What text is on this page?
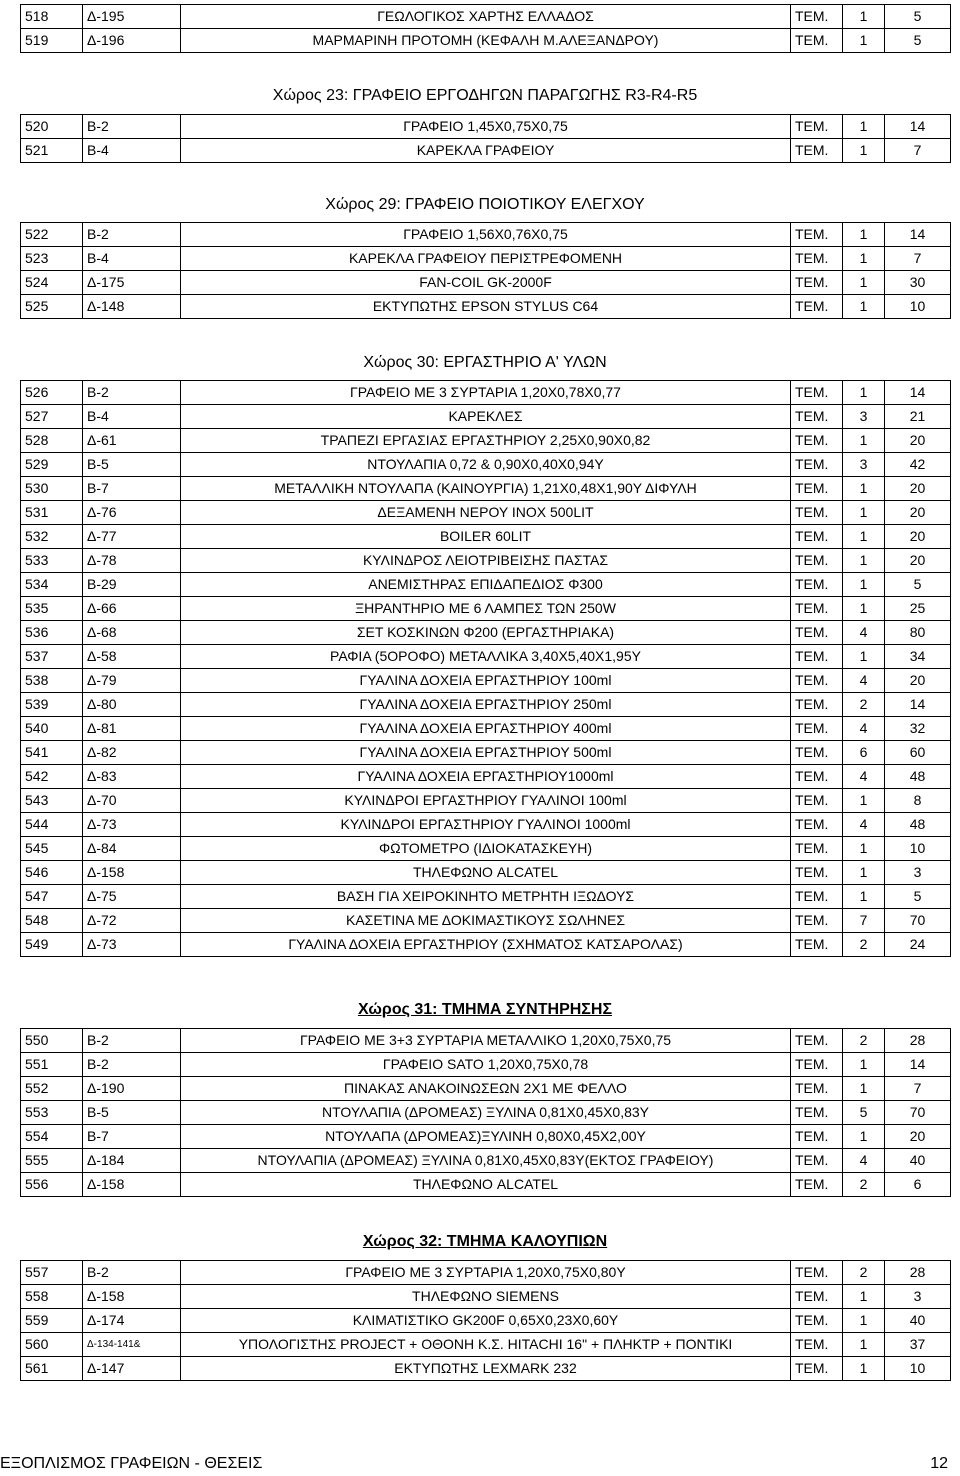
518	Δ-195	ΓΕΩΛΟΓΙΚΟΣ ΧΑΡΤΗΣ ΕΛΛΑΔΟΣ	ΤΕΜ.	1	5
519	Δ-196	ΜΑΡΜΑΡΙΝΗ ΠΡΟΤΟΜΗ (ΚΕΦΑΛΗ Μ.ΑΛΕΞΑΝΔΡΟΥ)	ΤΕΜ.	1	5
Χώρος 23: ΓΡΑΦΕΙΟ ΕΡΓΟΔΗΓΩΝ ΠΑΡΑΓΩΓΗΣ R3-R4-R5
520	Β-2	ΓΡΑΦΕΙΟ 1,45Χ0,75Χ0,75	ΤΕΜ.	1	14
521	Β-4	ΚΑΡΕΚΛΑ ΓΡΑΦΕΙΟΥ	ΤΕΜ.	1	7
Χώρος 29: ΓΡΑΦΕΙΟ ΠΟΙΟΤΙΚΟΥ ΕΛΕΓΧΟΥ
522	Β-2	ΓΡΑΦΕΙΟ 1,56Χ0,76Χ0,75	ΤΕΜ.	1	14
523	Β-4	ΚΑΡΕΚΛΑ ΓΡΑΦΕΙΟΥ ΠΕΡΙΣΤΡΕΦΟΜΕΝΗ	ΤΕΜ.	1	7
524	Δ-175	FAN-COIL GK-2000F	ΤΕΜ.	1	30
525	Δ-148	ΕΚΤΥΠΩΤΗΣ EPSON STYLUS C64	ΤΕΜ.	1	10
Χώρος 30: ΕΡΓΑΣΤΗΡΙΟ Α' ΥΛΩΝ
526	Β-2	ΓΡΑΦΕΙΟ ΜΕ 3 ΣΥΡΤΑΡΙΑ 1,20Χ0,78Χ0,77	ΤΕΜ.	1	14
527	Β-4	ΚΑΡΕΚΛΕΣ	ΤΕΜ.	3	21
528	Δ-61	ΤΡΑΠΕΖΙ ΕΡΓΑΣΙΑΣ ΕΡΓΑΣΤΗΡΙΟΥ 2,25Χ0,90Χ0,82	ΤΕΜ.	1	20
529	Β-5	ΝΤΟΥΛΑΠΙΑ 0,72 & 0,90Χ0,40Χ0,94Υ	ΤΕΜ.	3	42
530	Β-7	ΜΕΤΑΛΛΙΚΗ ΝΤΟΥΛΑΠΑ (ΚΑΙΝΟΥΡΓΙΑ) 1,21Χ0,48Χ1,90Υ ΔΙΦΥΛΗ	ΤΕΜ.	1	20
531	Δ-76	ΔΕΞΑΜΕΝΗ ΝΕΡΟΥ INOX 500LIT	ΤΕΜ.	1	20
532	Δ-77	BOILER 60LIT	ΤΕΜ.	1	20
533	Δ-78	ΚΥΛΙΝΔΡΟΣ ΛΕΙΟΤΡΙΒΕΙΣΗΣ ΠΑΣΤΑΣ	ΤΕΜ.	1	20
534	Β-29	ΑΝΕΜΙΣΤΗΡΑΣ ΕΠΙΔΑΠΕΔΙΟΣ Φ300	ΤΕΜ.	1	5
535	Δ-66	ΞΗΡΑΝΤΗΡΙΟ ΜΕ 6 ΛΑΜΠΕΣ ΤΩΝ 250W	ΤΕΜ.	1	25
536	Δ-68	ΣΕΤ ΚΟΣΚΙΝΩΝ Φ200 (ΕΡΓΑΣΤΗΡΙΑΚΑ)	ΤΕΜ.	4	80
537	Δ-58	ΡΑΦΙΑ (5ΟΡΟΦΟ) ΜΕΤΑΛΛΙΚΑ 3,40Χ5,40Χ1,95Υ	ΤΕΜ.	1	34
538	Δ-79	ΓΥΑΛΙΝΑ ΔΟΧΕΙΑ ΕΡΓΑΣΤΗΡΙΟΥ 100ml	ΤΕΜ.	4	20
539	Δ-80	ΓΥΑΛΙΝΑ ΔΟΧΕΙΑ ΕΡΓΑΣΤΗΡΙΟΥ 250ml	ΤΕΜ.	2	14
540	Δ-81	ΓΥΑΛΙΝΑ ΔΟΧΕΙΑ ΕΡΓΑΣΤΗΡΙΟΥ 400ml	ΤΕΜ.	4	32
541	Δ-82	ΓΥΑΛΙΝΑ ΔΟΧΕΙΑ ΕΡΓΑΣΤΗΡΙΟΥ 500ml	ΤΕΜ.	6	60
542	Δ-83	ΓΥΑΛΙΝΑ ΔΟΧΕΙΑ ΕΡΓΑΣΤΗΡΙΟΥ1000ml	ΤΕΜ.	4	48
543	Δ-70	ΚΥΛΙΝΔΡΟΙ ΕΡΓΑΣΤΗΡΙΟΥ ΓΥΑΛΙΝΟΙ 100ml	ΤΕΜ.	1	8
544	Δ-73	ΚΥΛΙΝΔΡΟΙ ΕΡΓΑΣΤΗΡΙΟΥ ΓΥΑΛΙΝΟΙ 1000ml	ΤΕΜ.	4	48
545	Δ-84	ΦΩΤΟΜΕΤΡΟ (ΙΔΙΟΚΑΤΑΣΚΕΥΗ)	ΤΕΜ.	1	10
546	Δ-158	ΤΗΛΕΦΩΝΟ ALCATEL	ΤΕΜ.	1	3
547	Δ-75	ΒΑΣΗ ΓΙΑ ΧΕΙΡΟΚΙΝΗΤΟ ΜΕΤΡΗΤΗ ΙΞΩΔΟΥΣ	ΤΕΜ.	1	5
548	Δ-72	ΚΑΣΕΤΙΝΑ ΜΕ ΔΟΚΙΜΑΣΤΙΚΟΥΣ ΣΩΛΗΝΕΣ	ΤΕΜ.	7	70
549	Δ-73	ΓΥΑΛΙΝΑ ΔΟΧΕΙΑ ΕΡΓΑΣΤΗΡΙΟΥ (ΣΧΗΜΑΤΟΣ ΚΑΤΣΑΡΟΛΑΣ)	ΤΕΜ.	2	24
Χώρος 31: ΤΜΗΜΑ ΣΥΝΤΗΡΗΣΗΣ
550	Β-2	ΓΡΑΦΕΙΟ ΜΕ 3+3 ΣΥΡΤΑΡΙΑ ΜΕΤΑΛΛΙΚΟ 1,20Χ0,75Χ0,75	ΤΕΜ.	2	28
551	Β-2	ΓΡΑΦΕΙΟ SATO 1,20Χ0,75Χ0,78	ΤΕΜ.	1	14
552	Δ-190	ΠΙΝΑΚΑΣ ΑΝΑΚΟΙΝΩΣΕΩΝ 2Χ1 ΜΕ ΦΕΛΛΟ	ΤΕΜ.	1	7
553	Β-5	ΝΤΟΥΛΑΠΙΑ (ΔΡΟΜΕΑΣ) ΞΥΛΙΝΑ 0,81Χ0,45Χ0,83Υ	ΤΕΜ.	5	70
554	Β-7	ΝΤΟΥΛΑΠΑ (ΔΡΟΜΕΑΣ)ΞΥΛΙΝΗ 0,80Χ0,45Χ2,00Υ	ΤΕΜ.	1	20
555	Δ-184	ΝΤΟΥΛΑΠΙΑ (ΔΡΟΜΕΑΣ) ΞΥΛΙΝΑ 0,81Χ0,45Χ0,83Υ(ΕΚΤΟΣ ΓΡΑΦΕΙΟΥ)	ΤΕΜ.	4	40
556	Δ-158	ΤΗΛΕΦΩΝΟ ALCATEL	ΤΕΜ.	2	6
Χώρος 32: ΤΜΗΜΑ ΚΑΛΟΥΠΙΩΝ
557	Β-2	ΓΡΑΦΕΙΟ ΜΕ 3 ΣΥΡΤΑΡΙΑ 1,20Χ0,75Χ0,80Υ	ΤΕΜ.	2	28
558	Δ-158	ΤΗΛΕΦΩΝΟ SIEMENS	ΤΕΜ.	1	3
559	Δ-174	ΚΛΙΜΑΤΙΣΤΙΚΟ GK200F 0,65Χ0,23Χ0,60Υ	ΤΕΜ.	1	40
560	Δ-134-141&	ΥΠΟΛΟΓΙΣΤΗΣ PROJECT + ΟΘΟΝΗ Κ.Σ. HITACHI 16" + ΠΛΗΚΤΡ + ΠΟΝΤΙΚΙ	ΤΕΜ.	1	37
561	Δ-147	ΕΚΤΥΠΩΤΗΣ LEXMARK 232	ΤΕΜ.	1	10
ΕΞΟΠΛΙΣΜΟΣ ΓΡΑΦΕΙΩΝ - ΘΕΣΕΙΣ	12
